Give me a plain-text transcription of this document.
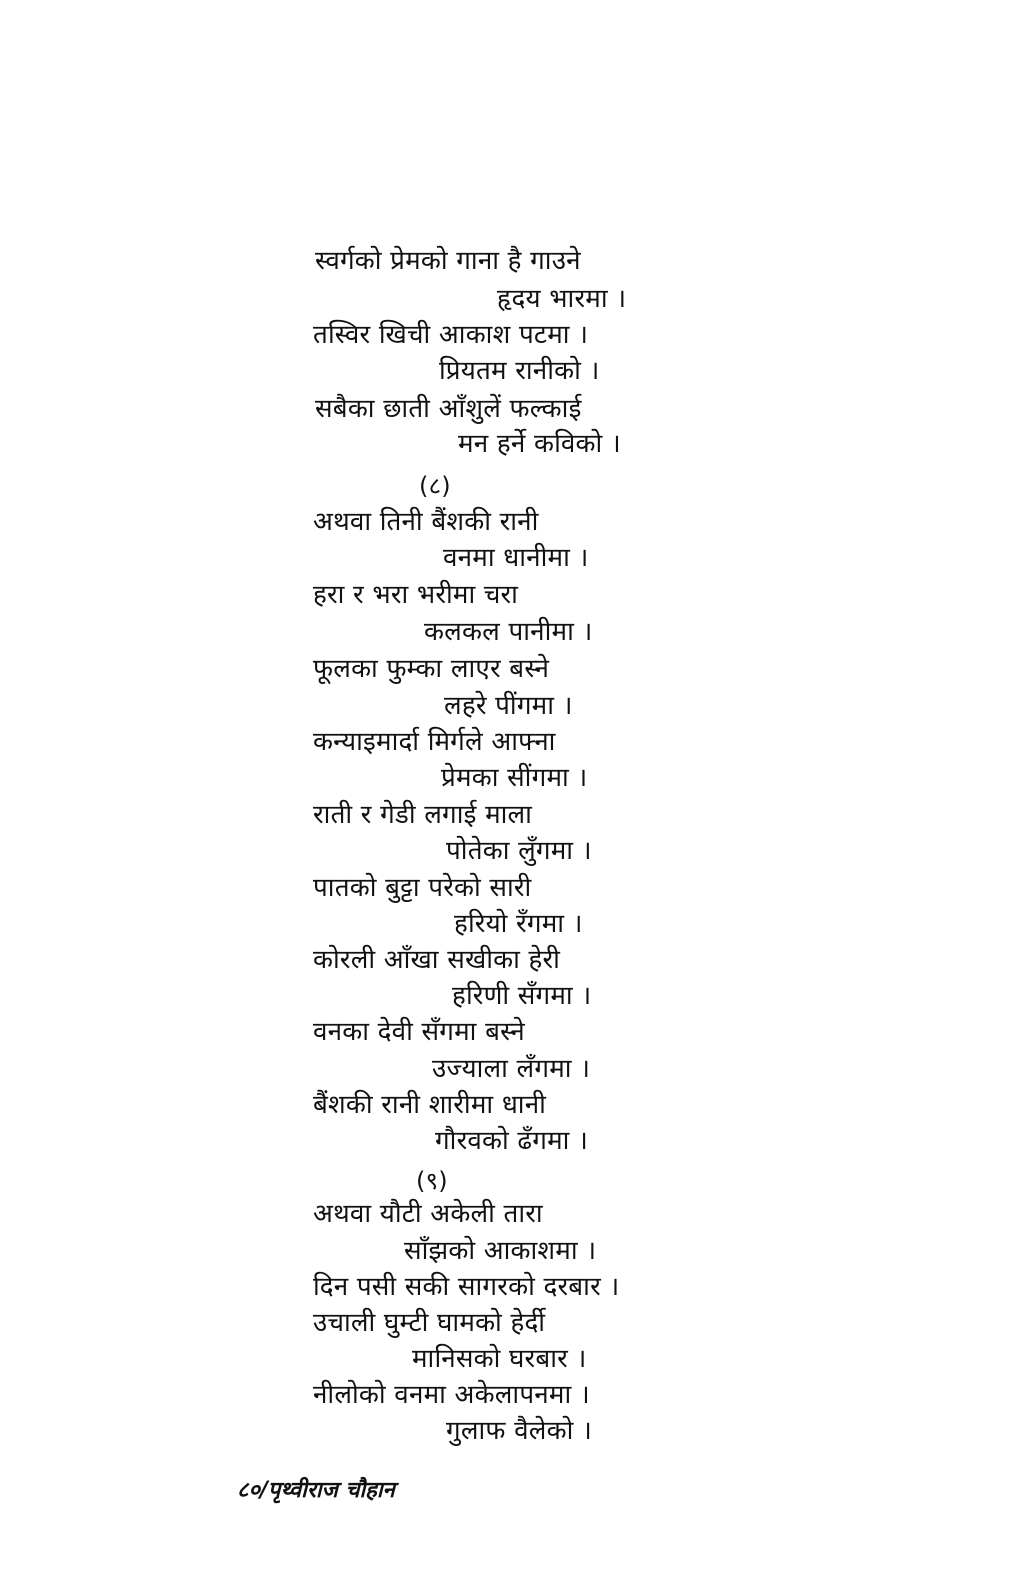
स्वर्गको प्रेमको गाना है गाउने
हृदय भारमा ।
तस्विर खिची आकाश पटमा ।
प्रियतम रानीको ।
सबैका छाती आँशुलें फल्काई
मन हर्ने कविको ।
(८)
अथवा तिनी बैंशकी रानी
वनमा धानीमा ।
हरा र भरा भरीमा चरा
कलकल पानीमा ।
फूलका फुम्का लाएर बस्ने
लहरे पींगमा ।
कन्याइमार्दा मिर्गले आफ्ना
प्रेमका सींगमा ।
राती र गेडी लगाई माला
पोतेका लुँगमा ।
पातको बुट्टा परेको सारी
हरियो रँगमा ।
कोरली आँखा सखीका हेरी
हरिणी सँगमा ।
वनका देवी सँगमा बस्ने
उज्याला लँगमा ।
बैंशकी रानी शारीमा धानी
गौरवको ढँगमा ।
(९)
अथवा यौटी अकेली तारा
साँझको आकाशमा ।
दिन पसी सकी सागरको दरबार ।
उचाली घुम्टी घामको हेर्दी
मानिसको घरबार ।
नीलोको वनमा अकेलापनमा ।
गुलाफ वैलेको ।
८०/पृथ्वीराज चौहान
